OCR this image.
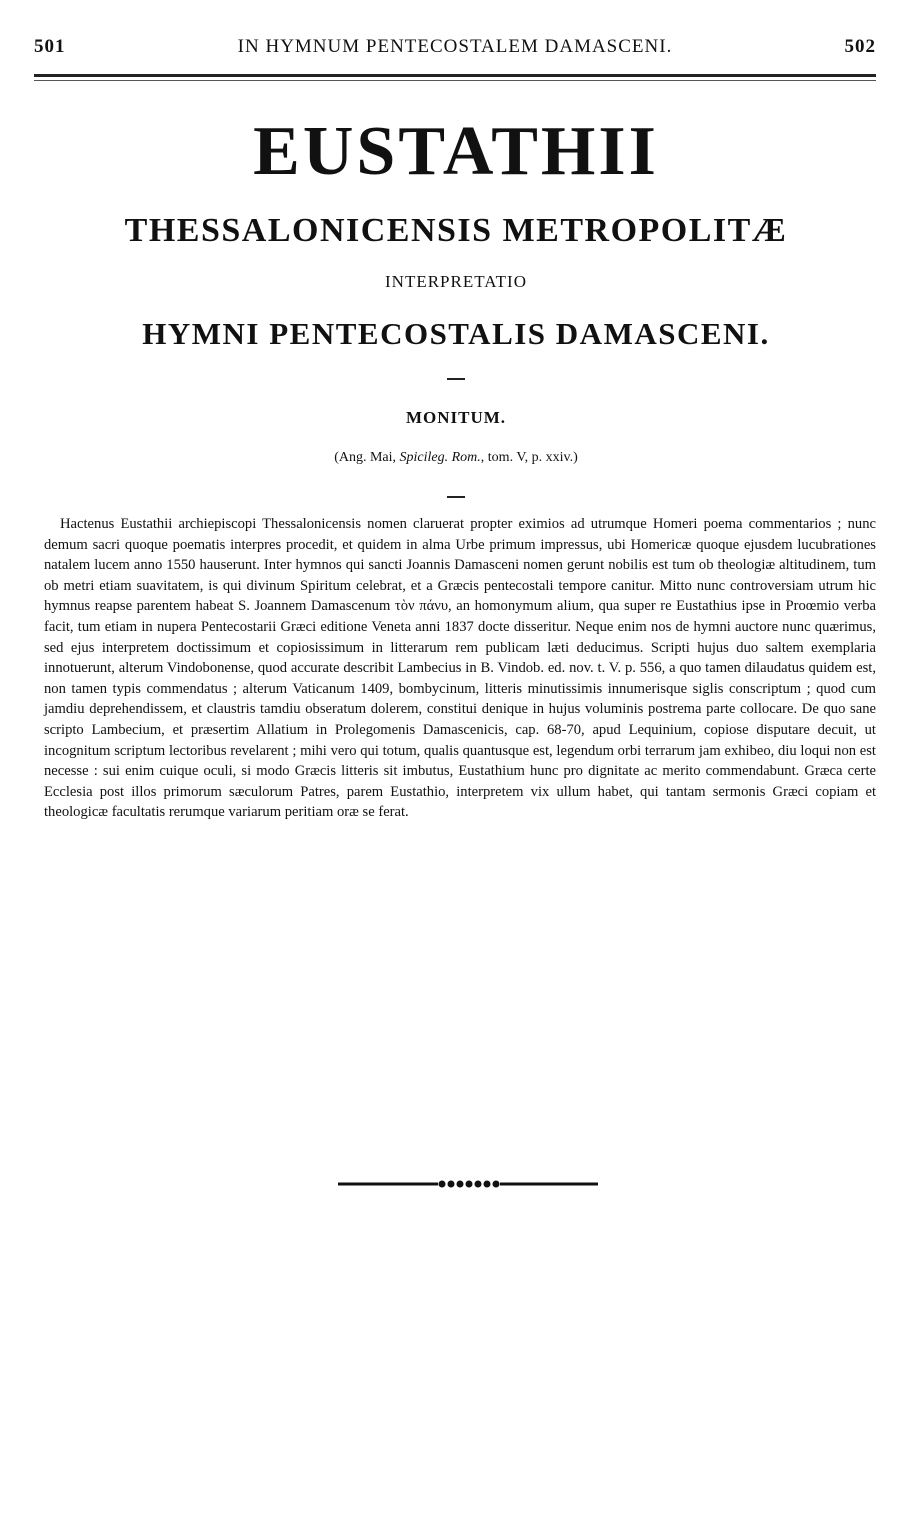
501	IN HYMNUM PENTECOSTALEM DAMASCENI.	502
EUSTATHII
THESSALONICENSIS METROPOLITÆ
INTERPRETATIO
HYMNI PENTECOSTALIS DAMASCENI.
MONITUM.
(Ang. Mai, Spicileg. Rom., tom. V, p. xxiv.)
Hactenus Eustathii archiepiscopi Thessalonicensis nomen claruerat propter eximios ad utrumque Homeri poema commentarios ; nunc demum sacri quoque poematis interpres procedit, et quidem in alma Urbe primum impressus, ubi Homericæ quoque ejusdem lucubrationes natalem lucem anno 1550 hauserunt. Inter hymnos qui sancti Joannis Damasceni nomen gerunt nobilis est tum ob theologiæ altitudinem, tum ob metri etiam suavitatem, is qui divinum Spiritum celebrat, et a Græcis pentecostali tempore canitur. Mitto nunc controversiam utrum hic hymnus reapse parentem habeat S. Joannem Damascenum τὸν πάνυ, an homonymum alium, qua super re Eustathius ipse in Proœmio verba facit, tum etiam in nupera Pentecostarii Græci editione Veneta anni 1837 docte disseritur. Neque enim nos de hymni auctore nunc quærimus, sed ejus interpretem doctissimum et copiosissimum in litterarum rem publicam læti deducimus. Scripti hujus duo saltem exemplaria innotuerunt, alterum Vindobonense, quod accurate describit Lambecius in B. Vindob. ed. nov. t. V. p. 556, a quo tamen dilaudatus quidem est, non tamen typis commendatus ; alterum Vaticanum 1409, bombycinum, litteris minutissimis innumerisque siglis conscriptum ; quod cum jamdiu deprehendissem, et claustris tamdiu obseratum dolerem, constitui denique in hujus voluminis postrema parte collocare. De quo sane scripto Lambecium, et præsertim Allatium in Prolegomenis Damascenicis, cap. 68-70, apud Lequinium, copiose disputare decuit, ut incognitum scriptum lectoribus revelarent ; mihi vero qui totum, qualis quantusque est, legendum orbi terrarum jam exhibeo, diu loqui non est necesse : sui enim cuique oculi, si modo Græcis litteris sit imbutus, Eustathium hunc pro dignitate ac merito commendabunt. Græca certe Ecclesia post illos primorum sæculorum Patres, parem Eustathio, interpretem vix ullum habet, qui tantam sermonis Græci copiam et theologicæ facultatis rerumque variarum peritiam oræ se ferat.
